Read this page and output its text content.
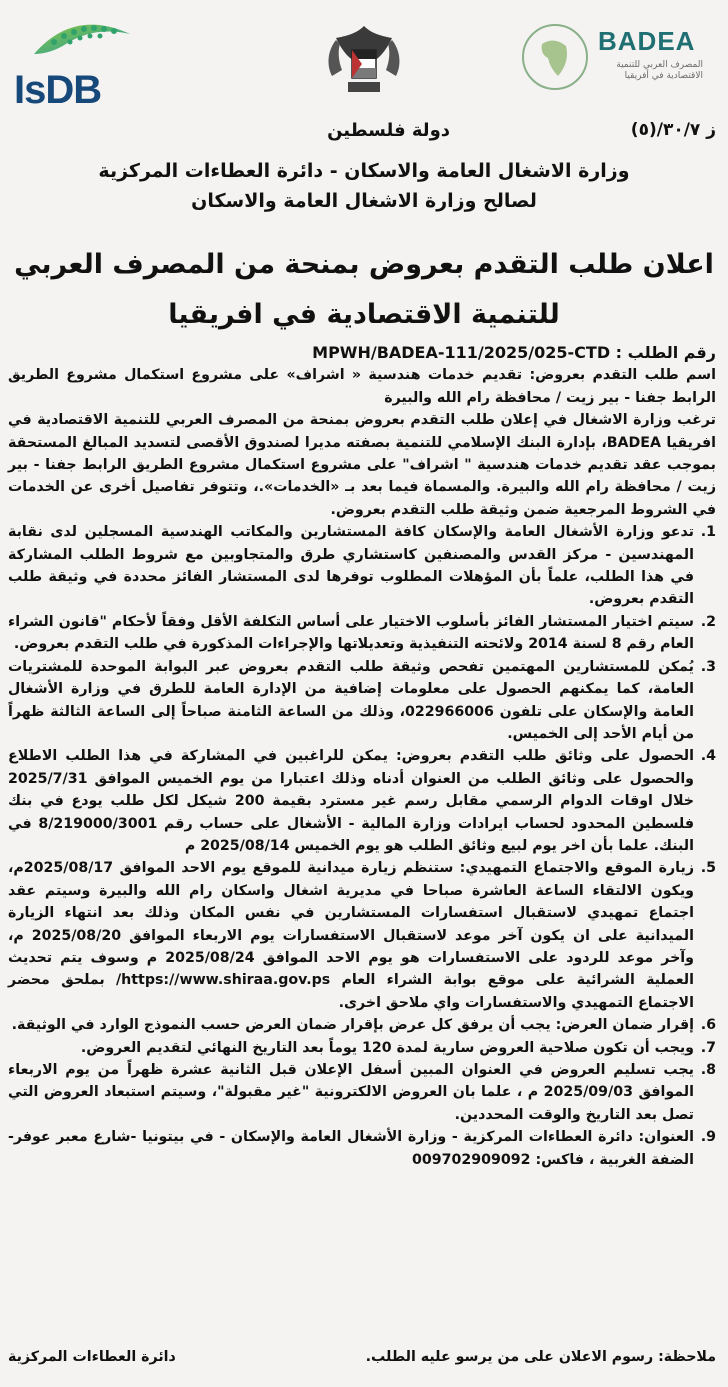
IsDB
BADEA
المصرف العربي للتنمية الاقتصادية في أفريقيا
ز ٣٠/٧/(٥)
دولة فلسطين
وزارة الاشغال العامة والاسكان - دائرة العطاءات المركزية
لصالح وزارة الاشغال العامة والاسكان
اعلان طلب التقدم بعروض بمنحة من المصرف العربي
للتنمية الاقتصادية في افريقيا

رقم الطلب : MPWH/BADEA-111/2025/025-CTD

اسم طلب التقدم بعروض: تقديم خدمات هندسية « اشراف» على مشروع استكمال مشروع الطريق الرابط جفنا - بير زيت / محافظة رام الله والبيرة

ترغب وزارة الاشغال في إعلان طلب التقدم بعروض بمنحة من المصرف العربي للتنمية الاقتصادية في افريقيا BADEA، بإدارة البنك الإسلامي للتنمية بصفته مديرا لصندوق الأقصى لتسديد المبالغ المستحقة بموجب عقد تقديم خدمات هندسية " اشراف" على مشروع استكمال مشروع الطريق الرابط جفنا - بير زيت / محافظة رام الله والبيرة. والمسماة فيما بعد بـ «الخدمات».، وتتوفر تفاصيل أخرى عن الخدمات في الشروط المرجعية ضمن وثيقة طلب التقدم بعروض.

1.
تدعو وزارة الأشغال العامة والإسكان كافة المستشارين والمكاتب الهندسية المسجلين لدى نقابة المهندسين - مركز القدس والمصنفين كاستشاري طرق والمتجاوبين مع شروط الطلب المشاركة في هذا الطلب، علماً بأن المؤهلات المطلوب توفرها لدى المستشار الفائز محددة في وثيقة طلب التقدم بعروض.
2.
سيتم اختيار المستشار الفائز بأسلوب الاختيار على أساس التكلفة الأقل وفقاً لأحكام "قانون الشراء العام رقم 8 لسنة 2014 ولائحته التنفيذية وتعديلاتها والإجراءات المذكورة في طلب التقدم بعروض.
3.
يُمكن للمستشارين المهتمين تفحص وثيقة طلب التقدم بعروض عبر البوابة الموحدة للمشتريات العامة، كما يمكنهم الحصول على معلومات إضافية من الإدارة العامة للطرق في وزارة الأشغال العامة والإسكان على تلفون 022966006، وذلك من الساعة الثامنة صباحاً إلى الساعة الثالثة ظهراً من أيام الأحد إلى الخميس.
4.
الحصول على وثائق طلب التقدم بعروض: يمكن للراغبين في المشاركة في هذا الطلب الاطلاع والحصول على وثائق الطلب من العنوان أدناه وذلك اعتبارا من يوم الخميس الموافق 2025/7/31 خلال اوقات الدوام الرسمي مقابل رسم غير مسترد بقيمة 200 شيكل لكل طلب يودع في بنك فلسطين المحدود لحساب ايرادات وزارة المالية - الأشغال على حساب رقم 8/219000/3001 في البنك. علما بأن اخر يوم لبيع وثائق الطلب هو يوم الخميس 2025/08/14 م
5.
زيارة الموقع والاجتماع التمهيدي: ستنظم زيارة ميدانية للموقع يوم الاحد الموافق 2025/08/17م، ويكون الالتقاء الساعة العاشرة صباحا في مديرية اشغال واسكان رام الله والبيرة وسيتم عقد اجتماع تمهيدي لاستقبال استفسارات المستشارين في نفس المكان وذلك بعد انتهاء الزيارة الميدانية على ان يكون آخر موعد لاستقبال الاستفسارات يوم الاربعاء الموافق 2025/08/20 م، وآخر موعد للردود على الاستفسارات هو يوم الاحد الموافق 2025/08/24 م وسوف يتم تحديث العملية الشرائية على موقع بوابة الشراء العام https://www.shiraa.gov.ps/ بملحق محضر الاجتماع التمهيدي والاستفسارات واي ملاحق اخرى.
6.
إقرار ضمان العرض: يجب أن يرفق كل عرض بإقرار ضمان العرض حسب النموذج الوارد في الوثيقة.
7.
ويجب أن تكون صلاحية العروض سارية لمدة 120 يوماً بعد التاريخ النهائي لتقديم العروض.
8.
يجب تسليم العروض في العنوان المبين أسفل الإعلان قبل الثانية عشرة ظهراً من يوم الاربعاء الموافق 2025/09/03 م ، علما بان العروض الالكترونية "غير مقبولة"، وسيتم استبعاد العروض التي تصل بعد التاريخ والوقت المحددين.
9.
العنوان: دائرة العطاءات المركزية - وزارة الأشغال العامة والإسكان - في بيتونيا -شارع معبر عوفر- الضفة الغربية ، فاكس: 009702909092
ملاحظة: رسوم الاعلان على من يرسو عليه الطلب.
دائرة العطاءات المركزية
